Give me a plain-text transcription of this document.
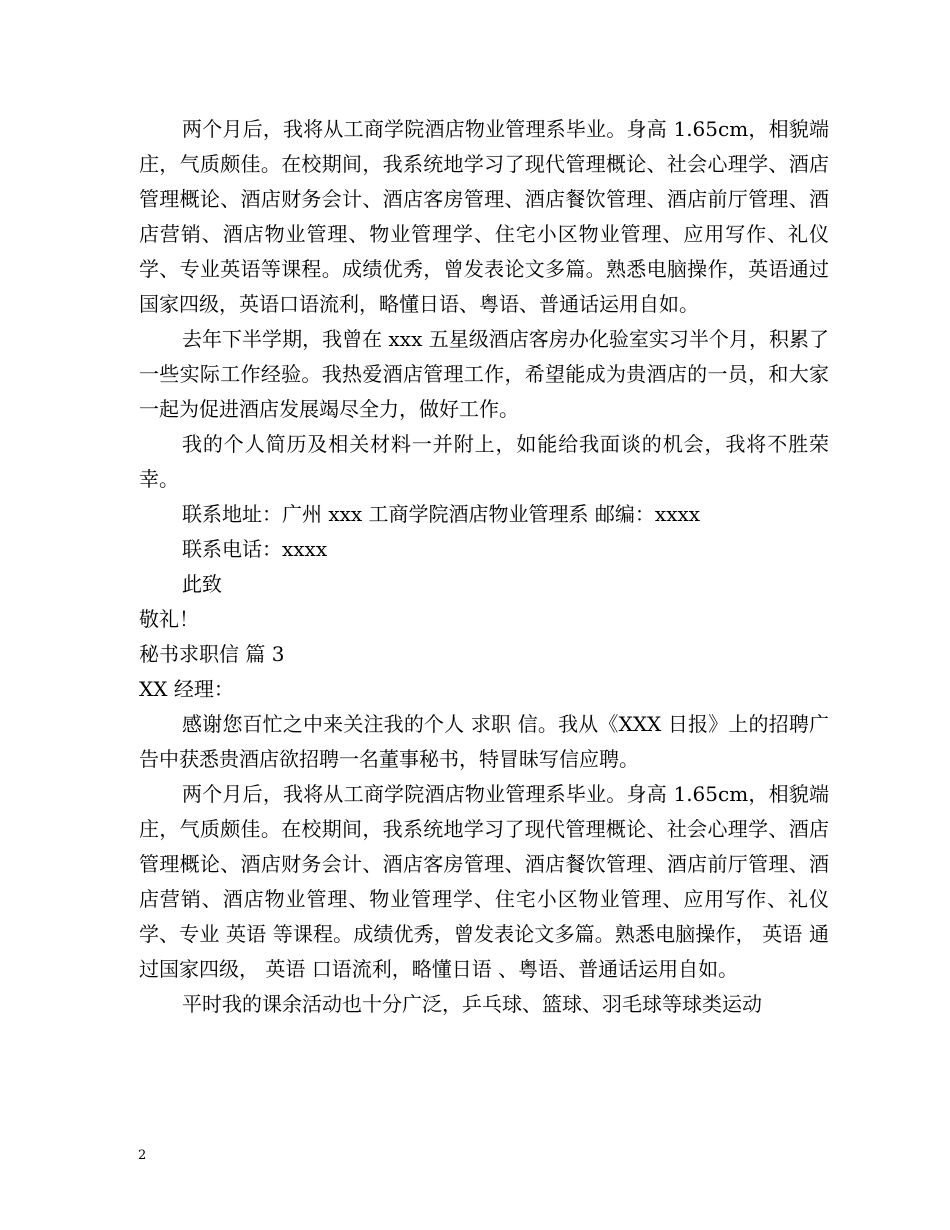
两个月后，我将从工商学院酒店物业管理系毕业。身高 1.65cm，相貌端庄，气质颇佳。在校期间，我系统地学习了现代管理概论、社会心理学、酒店管理概论、酒店财务会计、酒店客房管理、酒店餐饮管理、酒店前厅管理、酒店营销、酒店物业管理、物业管理学、住宅小区物业管理、应用写作、礼仪学、专业英语等课程。成绩优秀，曾发表论文多篇。熟悉电脑操作，英语通过国家四级，英语口语流利，略懂日语、粤语、普通话运用自如。

去年下半学期，我曾在 xxx 五星级酒店客房办化验室实习半个月，积累了一些实际工作经验。我热爱酒店管理工作，希望能成为贵酒店的一员，和大家一起为促进酒店发展竭尽全力，做好工作。

我的个人简历及相关材料一并附上，如能给我面谈的机会，我将不胜荣幸。

联系地址：广州 xxx 工商学院酒店物业管理系 邮编：xxxx

联系电话：xxxx

此致

敬礼！

秘书求职信 篇 3

XX 经理：

感谢您百忙之中来关注我的个人 求职 信。我从《XXX 日报》上的招聘广告中获悉贵酒店欲招聘一名董事秘书，特冒昧写信应聘。

两个月后，我将从工商学院酒店物业管理系毕业。身高 1.65cm，相貌端庄，气质颇佳。在校期间，我系统地学习了现代管理概论、社会心理学、酒店管理概论、酒店财务会计、酒店客房管理、酒店餐饮管理、酒店前厅管理、酒店营销、酒店物业管理、物业管理学、住宅小区物业管理、应用写作、礼仪学、专业 英语 等课程。成绩优秀，曾发表论文多篇。熟悉电脑操作， 英语 通过国家四级， 英语 口语流利，略懂日语 、粤语、普通话运用自如。

平时我的课余活动也十分广泛，乒乓球、篮球、羽毛球等球类运动

2
